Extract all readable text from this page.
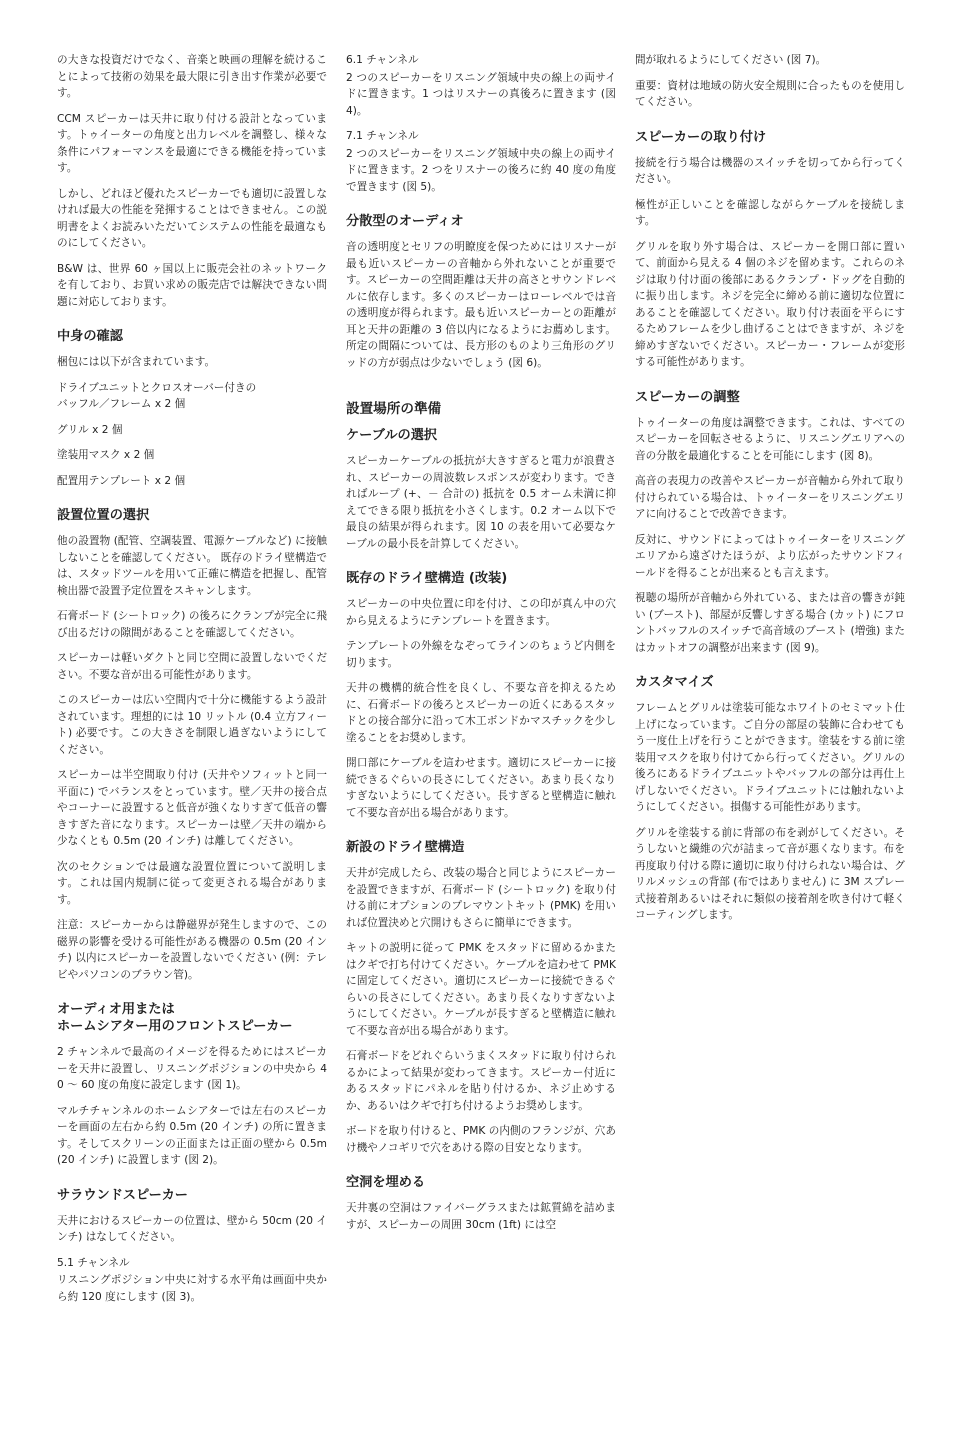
の大きな投資だけでなく、音楽と映画の理解を続けることによって技術の効果を最大限に引き出す作業が必要です。

CCM スピーカーは天井に取り付ける設計となっています。トゥイーターの角度と出力レベルを調整し、様々な条件にパフォーマンスを最適にできる機能を持っています。

しかし、どれほど優れたスピーカーでも適切に設置しなければ最大の性能を発揮することはできません。この説明書をよくお読みいただいてシステムの性能を最適なものにしてください。

B&W は、世界 60 ヶ国以上に販売会社のネットワークを有しており、お買い求めの販売店では解決できない問題に対応しております。

中身の確認

梱包には以下が含まれています。

ドライブユニットとクロスオーバー付きの
バッフル／フレーム x 2 個

グリル x 2 個

塗装用マスク x 2 個

配置用テンプレート x 2 個

設置位置の選択

他の設置物 (配管、空調装置、電源ケーブルなど) に接触しないことを確認してください。 既存のドライ壁構造では、スタッドツールを用いて正確に構造を把握し、配管検出器で設置予定位置をスキャンします。

石膏ボード (シートロック) の後ろにクランプが完全に飛び出るだけの隙間があることを確認してください。

スピーカーは軽いダクトと同じ空間に設置しないでください。不要な音が出る可能性があります。

このスピーカーは広い空間内で十分に機能するよう設計されています。理想的には 10 リットル (0.4 立方フィート) 必要です。この大きさを制限し過ぎないようにしてください。

スピーカーは半空間取り付け (天井やソフィットと同一平面に) でバランスをとっています。壁／天井の接合点やコーナーに設置すると低音が強くなりすぎて低音の響きすぎた音になります。スピーカーは壁／天井の端から少なくとも 0.5m (20 インチ) は離してください。

次のセクションでは最適な設置位置について説明します。これは国内規制に従って変更される場合があります。

注意：スピーカーからは静磁界が発生しますので、この磁界の影響を受ける可能性がある機器の 0.5m (20 インチ) 以内にスピーカーを設置しないでください (例：テレビやパソコンのブラウン管)。

オーディオ用または
ホームシアター用のフロントスピーカー

2 チャンネルで最高のイメージを得るためにはスピーカーを天井に設置し、リスニングポジションの中央から 40 ～ 60 度の角度に設定します (図 1)。

マルチチャンネルのホームシアターでは左右のスピーカーを画面の左右から約 0.5m (20 インチ) の所に置きます。そしてスクリーンの正面または正面の壁から 0.5m (20 インチ) に設置します (図 2)。

サラウンドスピーカー

天井におけるスピーカーの位置は、壁から 50cm (20 インチ) はなしてください。

5.1 チャンネル

リスニングポジション中央に対する水平角は画面中央から約 120 度にします (図 3)。

6.1 チャンネル

2 つのスピーカーをリスニング領域中央の線上の両サイドに置きます。1 つはリスナーの真後ろに置きます (図 4)。

7.1 チャンネル

2 つのスピーカーをリスニング領域中央の線上の両サイドに置きます。2 つをリスナーの後ろに約 40 度の角度で置きます (図 5)。

分散型のオーディオ

音の透明度とセリフの明瞭度を保つためにはリスナーが最も近いスピーカーの音軸から外れないことが重要です。スピーカーの空間距離は天井の高さとサウンドレベルに依存します。多くのスピーカーはローレベルでは音の透明度が得られます。最も近いスピーカーとの距離が耳と天井の距離の 3 倍以内になるようにお薦めします。所定の間隔については、長方形のものより三角形のグリッドの方が弱点は少ないでしょう (図 6)。

設置場所の準備
ケーブルの選択

スピーカーケーブルの抵抗が大きすぎると電力が浪費され、スピーカーの周波数レスポンスが変わります。できればループ (+、－ 合計の) 抵抗を 0.5 オーム未満に抑えてできる限り抵抗を小さくします。0.2 オーム以下で最良の結果が得られます。図 10 の表を用いて必要なケーブルの最小長を計算してください。

既存のドライ壁構造 (改装)

スピーカーの中央位置に印を付け、この印が真ん中の穴から見えるようにテンプレートを置きます。

テンプレートの外線をなぞってラインのちょうど内側を切ります。

天井の機構的統合性を良くし、不要な音を抑えるために、石膏ボードの後ろとスピーカーの近くにあるスタッドとの接合部分に沿って木工ボンドかマスチックを少し塗ることをお奨めします。

開口部にケーブルを這わせます。適切にスピーカーに接続できるぐらいの長さにしてください。あまり長くなりすぎないようにしてください。長すぎると壁構造に触れて不要な音が出る場合があります。

新設のドライ壁構造

天井が完成したら、改装の場合と同じようにスピーカーを設置できますが、石膏ボード (シートロック) を取り付ける前にオプションのプレマウントキット (PMK) を用いれば位置決めと穴開けもさらに簡単にできます。

キットの説明に従って PMK をスタッドに留めるかまたはクギで打ち付けてください。ケーブルを這わせて PMK に固定してください。適切にスピーカーに接続できるぐらいの長さにしてください。あまり長くなりすぎないようにしてください。ケーブルが長すぎると壁構造に触れて不要な音が出る場合があります。

石膏ボードをどれぐらいうまくスタッドに取り付けられるかによって結果が変わってきます。スピーカー付近にあるスタッドにパネルを貼り付けるか、ネジ止めするか、あるいはクギで打ち付けるようお奨めします。

ボードを取り付けると、PMK の内側のフランジが、穴あけ機やノコギリで穴をあける際の目安となります。

空洞を埋める

天井裏の空洞はファイバーグラスまたは鉱質綿を詰めますが、スピーカーの周囲 30cm (1ft) には空

間が取れるようにしてください (図 7)。

重要：資材は地域の防火安全規則に合ったものを使用してください。

スピーカーの取り付け

接続を行う場合は機器のスイッチを切ってから行ってください。

極性が正しいことを確認しながらケーブルを接続します。

グリルを取り外す場合は、スピーカーを開口部に置いて、前面から見える 4 個のネジを留めます。これらのネジは取り付け面の後部にあるクランプ・ドッグを自動的に振り出します。ネジを完全に締める前に適切な位置にあることを確認してください。取り付け表面を平らにするためフレームを少し曲げることはできますが、ネジを締めすぎないでください。スピーカー・フレームが変形する可能性があります。

スピーカーの調整

トゥイーターの角度は調整できます。これは、すべてのスピーカーを回転させるように、リスニングエリアへの音の分散を最適化することを可能にします (図 8)。

高音の表現力の改善やスピーカーが音軸から外れて取り付けられている場合は、トゥイーターをリスニングエリアに向けることで改善できます。

反対に、サウンドによってはトゥイーターをリスニングエリアから遠ざけたほうが、より広がったサウンドフィールドを得ることが出来るとも言えます。

視聴の場所が音軸から外れている、または音の響きが鈍い (ブースト)、部屋が反響しすぎる場合 (カット) にフロントバッフルのスイッチで高音域のブースト (増強) またはカットオフの調整が出来ます (図 9)。

カスタマイズ

フレームとグリルは塗装可能なホワイトのセミマット仕上げになっています。ご自分の部屋の装飾に合わせてもう一度仕上げを行うことができます。塗装をする前に塗装用マスクを取り付けてから行ってください。グリルの後ろにあるドライブユニットやバッフルの部分は再仕上げしないでください。ドライブユニットには触れないようにしてください。損傷する可能性があります。

グリルを塗装する前に背部の布を剥がしてください。そうしないと繊維の穴が詰まって音が悪くなります。布を再度取り付ける際に適切に取り付けられない場合は、グリルメッシュの背部 (布ではありません) に 3M スプレー式接着剤あるいはそれに類似の接着剤を吹き付けて軽くコーティングします。
